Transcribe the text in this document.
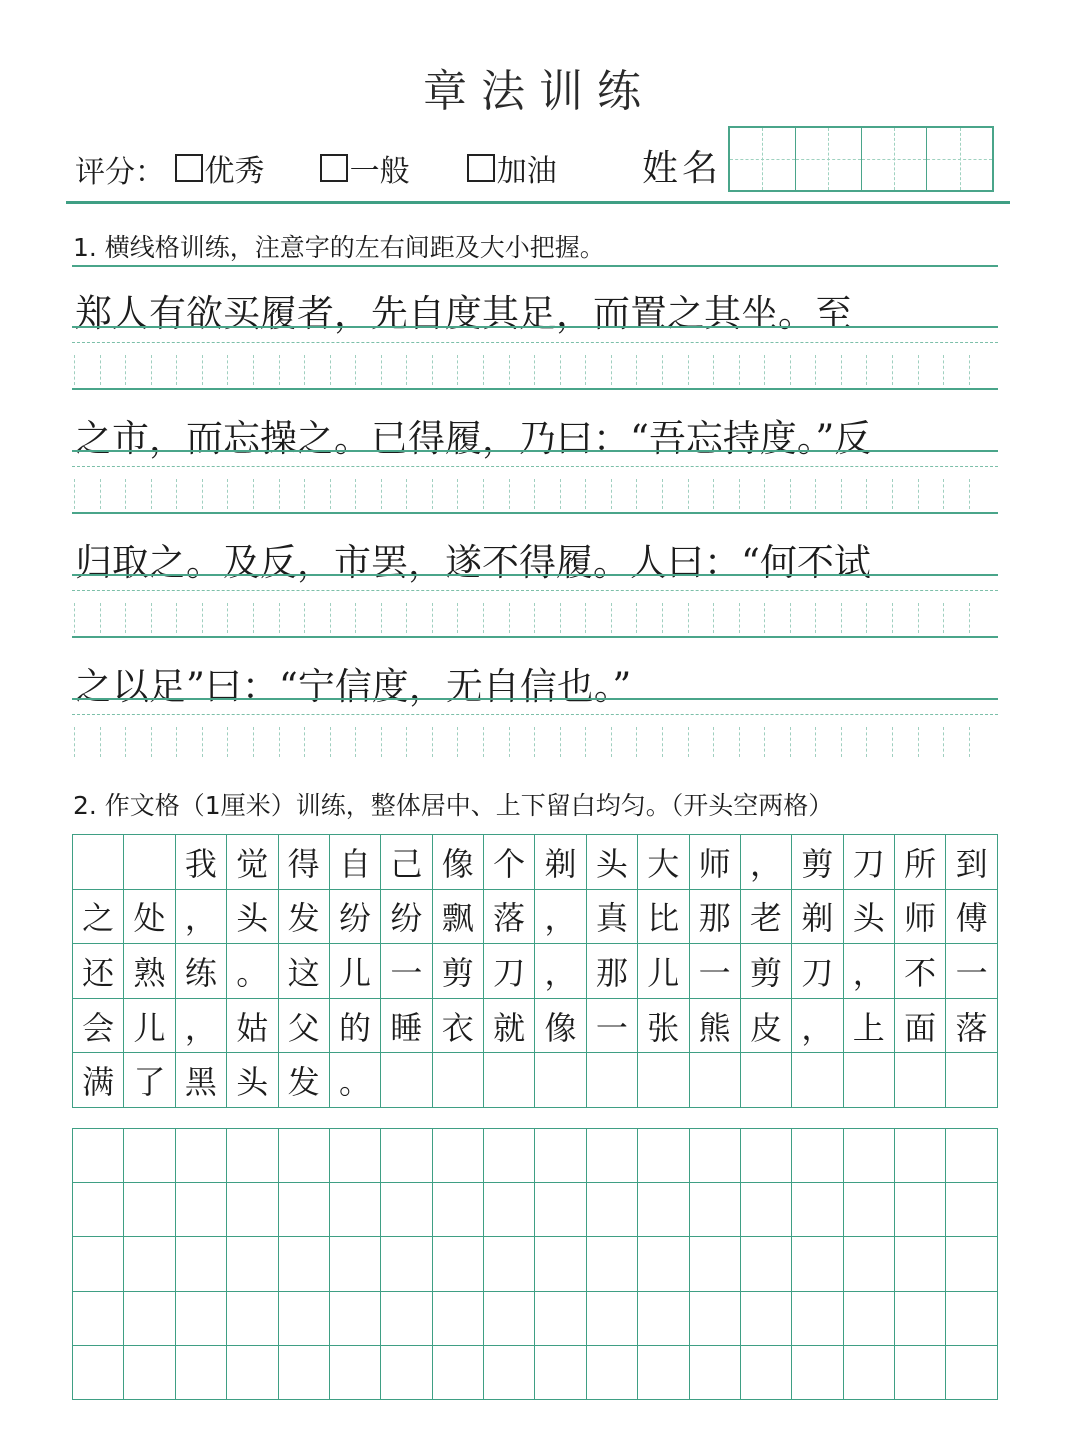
章法训练
评分： 优秀
	一般
	加油 姓名
1. 横线格训练，注意字的左右间距及大小把握。
郑人有欲买履者，先自度其足，而置之其坐。至
之市，而忘操之。已得履，乃曰：“吾忘持度。”反
归取之。及反，市罢，遂不得履。人曰：“何不试
之以足”曰：“宁信度，无自信也。”
2. 作文格（1厘米）训练，整体居中、上下留白均匀。（开头空两格）
		我	觉	得	自	己	像	个	剃	头	大	师	，	剪	刀	所	到
之	处	，	头	发	纷	纷	飘	落	，	真	比	那	老	剃	头	师	傅
还	熟	练	。	这	儿	一	剪	刀	，	那	儿	一	剪	刀	，	不	一
会	儿	，	姑	父	的	睡	衣	就	像	一	张	熊	皮	，	上	面	落
满	了	黑	头	发	。												
